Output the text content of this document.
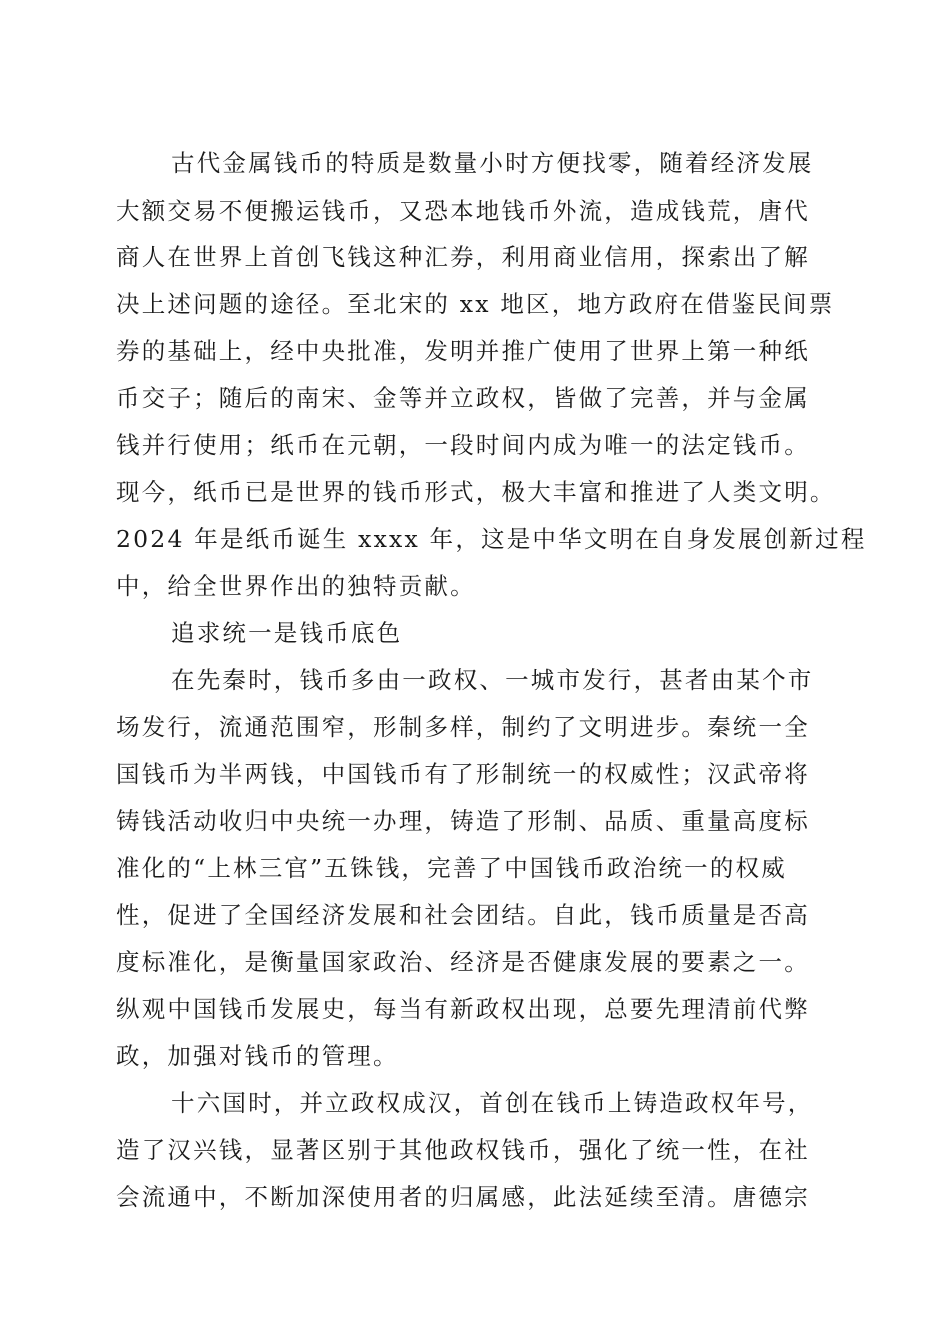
古代金属钱币的特质是数量小时方便找零，随着经济发展
大额交易不便搬运钱币，又恐本地钱币外流，造成钱荒，唐代
商人在世界上首创飞钱这种汇券，利用商业信用，探索出了解
决上述问题的途径。至北宋的 xx 地区，地方政府在借鉴民间票
券的基础上，经中央批准，发明并推广使用了世界上第一种纸
币交子；随后的南宋、金等并立政权，皆做了完善，并与金属
钱并行使用；纸币在元朝，一段时间内成为唯一的法定钱币。
现今，纸币已是世界的钱币形式，极大丰富和推进了人类文明。
2024 年是纸币诞生 xxxx 年，这是中华文明在自身发展创新过程
中，给全世界作出的独特贡献。
追求统一是钱币底色
在先秦时，钱币多由一政权、一城市发行，甚者由某个市
场发行，流通范围窄，形制多样，制约了文明进步。秦统一全
国钱币为半两钱，中国钱币有了形制统一的权威性；汉武帝将
铸钱活动收归中央统一办理，铸造了形制、品质、重量高度标
准化的“上林三官”五铢钱，完善了中国钱币政治统一的权威
性，促进了全国经济发展和社会团结。自此，钱币质量是否高
度标准化，是衡量国家政治、经济是否健康发展的要素之一。
纵观中国钱币发展史，每当有新政权出现，总要先理清前代弊
政，加强对钱币的管理。
十六国时，并立政权成汉，首创在钱币上铸造政权年号，
造了汉兴钱，显著区别于其他政权钱币，强化了统一性，在社
会流通中，不断加深使用者的归属感，此法延续至清。唐德宗
